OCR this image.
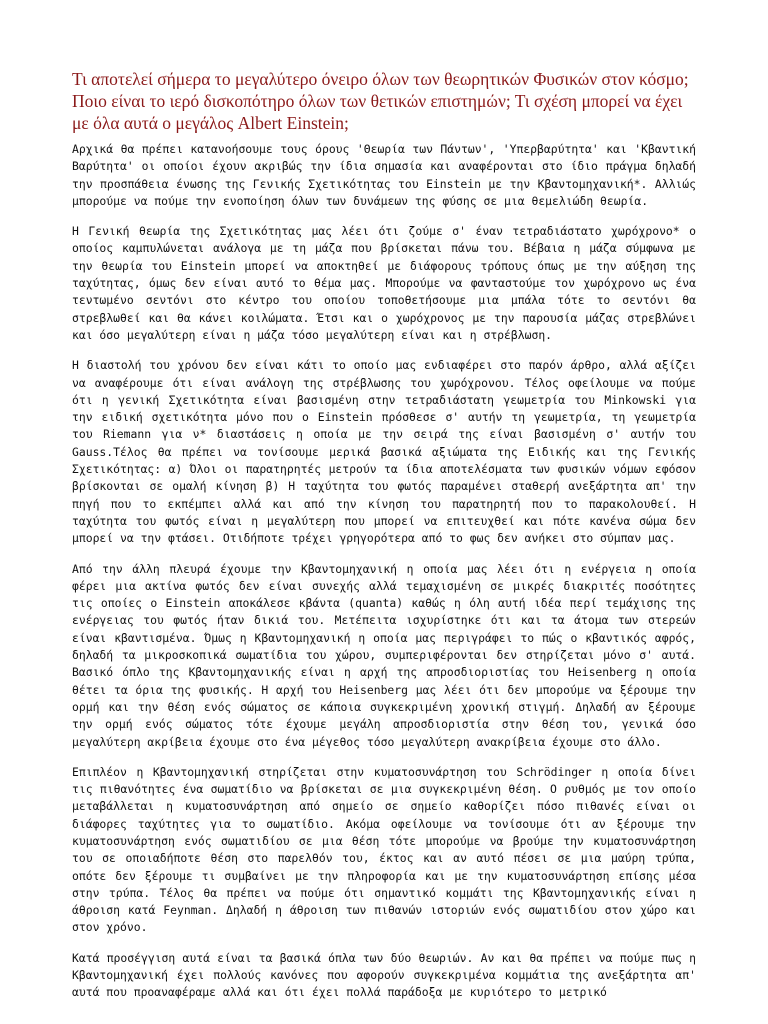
Τι αποτελεί σήμερα το μεγαλύτερο όνειρο όλων των θεωρητικών Φυσικών στον κόσμο; Ποιο είναι το ιερό δισκοπότηρο όλων των θετικών επιστημών; Τι σχέση μπορεί να έχει με όλα αυτά ο μεγάλος Albert Einstein;

Αρχικά θα πρέπει κατανοήσουμε τους όρους 'Θεωρία των Πάντων', 'Υπερβαρύτητα' και 'Κβαντική Βαρύτητα' οι οποίοι έχουν ακριβώς την ίδια σημασία και αναφέρονται στο ίδιο πράγμα δηλαδή την προσπάθεια ένωσης της Γενικής Σχετικότητας του Einstein με την Κβαντομηχανική*. Αλλιώς μπορούμε να πούμε την ενοποίηση όλων των δυνάμεων της φύσης σε μια θεμελιώδη θεωρία.

Η Γενική θεωρία της Σχετικότητας μας λέει ότι ζούμε σ' έναν τετραδιάστατο χωρόχρονο* ο οποίος καμπυλώνεται ανάλογα με τη μάζα που βρίσκεται πάνω του. Βέβαια η μάζα σύμφωνα με την θεωρία του Einstein μπορεί να αποκτηθεί με διάφορους τρόπους όπως με την αύξηση της ταχύτητας, όμως δεν είναι αυτό το θέμα μας. Μπορούμε να φανταστούμε τον χωρόχρονο ως ένα τεντωμένο σεντόνι στο κέντρο του οποίου τοποθετήσουμε μια μπάλα τότε το σεντόνι θα στρεβλωθεί και θα κάνει κοιλώματα. Έτσι και ο χωρόχρονος με την παρουσία μάζας στρεβλώνει και όσο μεγαλύτερη είναι η μάζα τόσο μεγαλύτερη είναι και η στρέβλωση.

Η διαστολή του χρόνου δεν είναι κάτι το οποίο μας ενδιαφέρει στο παρόν άρθρο, αλλά αξίζει να αναφέρουμε ότι είναι ανάλογη της στρέβλωσης του χωρόχρονου. Τέλος οφείλουμε να πούμε ότι η γενική Σχετικότητα είναι βασισμένη στην τετραδιάστατη γεωμετρία του Minkowski για την ειδική σχετικότητα μόνο που ο Einstein πρόσθεσε σ' αυτήν τη γεωμετρία, τη γεωμετρία του Riemann για ν* διαστάσεις η οποία με την σειρά της είναι βασισμένη σ' αυτήν του Gauss.Τέλος θα πρέπει να τονίσουμε μερικά βασικά αξιώματα της Ειδικής και της Γενικής Σχετικότητας: α) Όλοι οι παρατηρητές μετρούν τα ίδια αποτελέσματα των φυσικών νόμων εφόσον βρίσκονται σε ομαλή κίνηση β) Η ταχύτητα του φωτός παραμένει σταθερή ανεξάρτητα απ' την πηγή που το εκπέμπει αλλά και από την κίνηση του παρατηρητή που το παρακολουθεί. Η ταχύτητα του φωτός είναι η μεγαλύτερη που μπορεί να επιτευχθεί και πότε κανένα σώμα δεν μπορεί να την φτάσει. Οτιδήποτε τρέχει γρηγορότερα από το φως δεν ανήκει στο σύμπαν μας.

Από την άλλη πλευρά έχουμε την Κβαντομηχανική η οποία μας λέει ότι η ενέργεια η οποία φέρει μια ακτίνα φωτός δεν είναι συνεχής αλλά τεμαχισμένη σε μικρές διακριτές ποσότητες τις οποίες ο Einstein αποκάλεσε κβάντα (quanta) καθώς η όλη αυτή ιδέα περί τεμάχισης της ενέργειας του φωτός ήταν δικιά του. Μετέπειτα ισχυρίστηκε ότι και τα άτομα των στερεών είναι κβαντισμένα. Όμως η Κβαντομηχανική η οποία μας περιγράφει το πώς ο κβαντικός αφρός, δηλαδή τα μικροσκοπικά σωματίδια του χώρου, συμπεριφέρονται δεν στηρίζεται μόνο σ' αυτά. Βασικό όπλο της Κβαντομηχανικής είναι η αρχή της απροσδιοριστίας του Heisenberg η οποία θέτει τα όρια της φυσικής. Η αρχή του Heisenberg μας λέει ότι δεν μπορούμε να ξέρουμε την ορμή και την θέση ενός σώματος σε κάποια συγκεκριμένη χρονική στιγμή. Δηλαδή αν ξέρουμε την ορμή ενός σώματος τότε έχουμε μεγάλη απροσδιοριστία στην θέση του, γενικά όσο μεγαλύτερη ακρίβεια έχουμε στο ένα μέγεθος τόσο μεγαλύτερη ανακρίβεια έχουμε στο άλλο.

Επιπλέον η Κβαντομηχανική στηρίζεται στην κυματοσυνάρτηση του Schrödinger η οποία δίνει τις πιθανότητες ένα σωματίδιο να βρίσκεται σε μια συγκεκριμένη θέση. Ο ρυθμός με τον οποίο μεταβάλλεται η κυματοσυνάρτηση από σημείο σε σημείο καθορίζει πόσο πιθανές είναι οι διάφορες ταχύτητες για το σωματίδιο. Ακόμα οφείλουμε να τονίσουμε ότι αν ξέρουμε την κυματοσυνάρτηση ενός σωματιδίου σε μια θέση τότε μπορούμε να βρούμε την κυματοσυνάρτηση του σε οποιαδήποτε θέση στο παρελθόν του, έκτος και αν αυτό πέσει σε μια μαύρη τρύπα, οπότε δεν ξέρουμε τι συμβαίνει με την πληροφορία και με την κυματοσυνάρτηση επίσης μέσα στην τρύπα. Τέλος θα πρέπει να πούμε ότι σημαντικό κομμάτι της Κβαντομηχανικής είναι η άθροιση κατά Feynman. Δηλαδή η άθροιση των πιθανών ιστοριών ενός σωματιδίου στον χώρο και στον χρόνο.

Κατά προσέγγιση αυτά είναι τα βασικά όπλα των δύο θεωριών. Αν και θα πρέπει να πούμε πως η Κβαντομηχανική έχει πολλούς κανόνες που αφορούν συγκεκριμένα κομμάτια της ανεξάρτητα απ' αυτά που προαναφέραμε αλλά και ότι έχει πολλά παράδοξα με κυριότερο το μετρικό
